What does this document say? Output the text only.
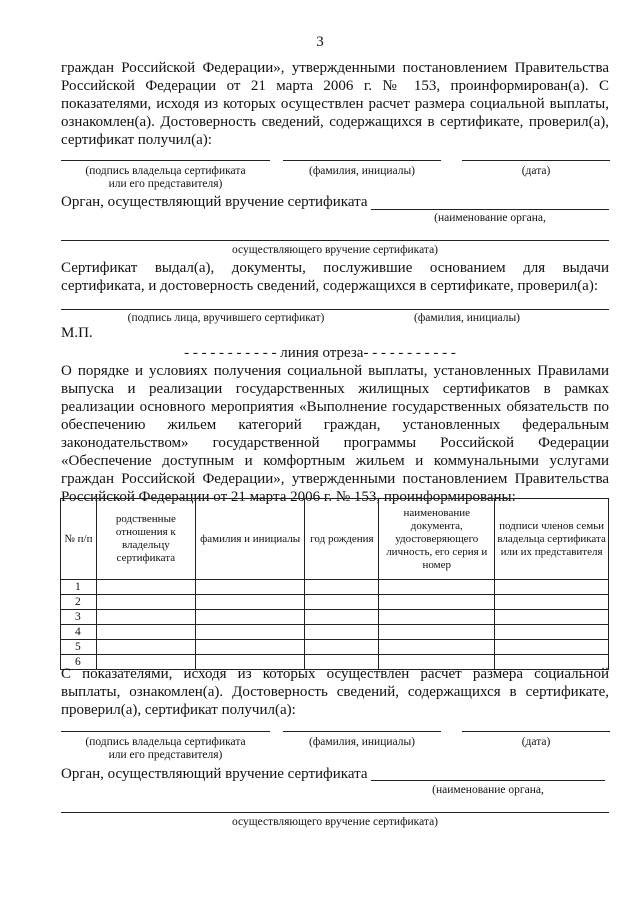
3
граждан Российской Федерации», утвержденными постановлением Правительства Российской Федерации от 21 марта 2006 г. № 153, проинформирован(а). С показателями, исходя из которых осуществлен расчет размера социальной выплаты, ознакомлен(а). Достоверность сведений, содержащихся в сертификате, проверил(а), сертификат получил(а):
(подпись владельца сертификата
или его представителя)
(фамилия, инициалы)	(дата)
Орган, осуществляющий вручение сертификата
(наименование органа,
осуществляющего вручение сертификата)
Сертификат выдал(а), документы, послужившие основанием для выдачи сертификата, и достоверность сведений, содержащихся в сертификате, проверил(а):
(подпись лица, вручившего сертификат)	(фамилия, инициалы)
М.П.
- - - - - - - - - - - линия отреза- - - - - - - - - - -
О порядке и условиях получения социальной выплаты, установленных Правилами выпуска и реализации государственных жилищных сертификатов в рамках реализации основного мероприятия «Выполнение государственных обязательств по обеспечению жильем категорий граждан, установленных федеральным законодательством» государственной программы Российской Федерации «Обеспечение доступным и комфортным жильем и коммунальными услугами граждан Российской Федерации», утвержденными постановлением Правительства Российской Федерации от 21 марта 2006 г. № 153, проинформированы:
№ п/п	родственные отношения к владельцу сертификата	фамилия и инициалы	год рождения	наименование документа, удостоверяющего личность, его серия и номер	подписи членов семьи владельца сертификата или их представителя
1					
2					
3					
4					
5					
6					
С показателями, исходя из которых осуществлен расчет размера социальной выплаты, ознакомлен(а). Достоверность сведений, содержащихся в сертификате, проверил(а), сертификат получил(а):
(подпись владельца сертификата
или его представителя)
(фамилия, инициалы)	(дата)
Орган, осуществляющий вручение сертификата
(наименование органа,
осуществляющего вручение сертификата)
